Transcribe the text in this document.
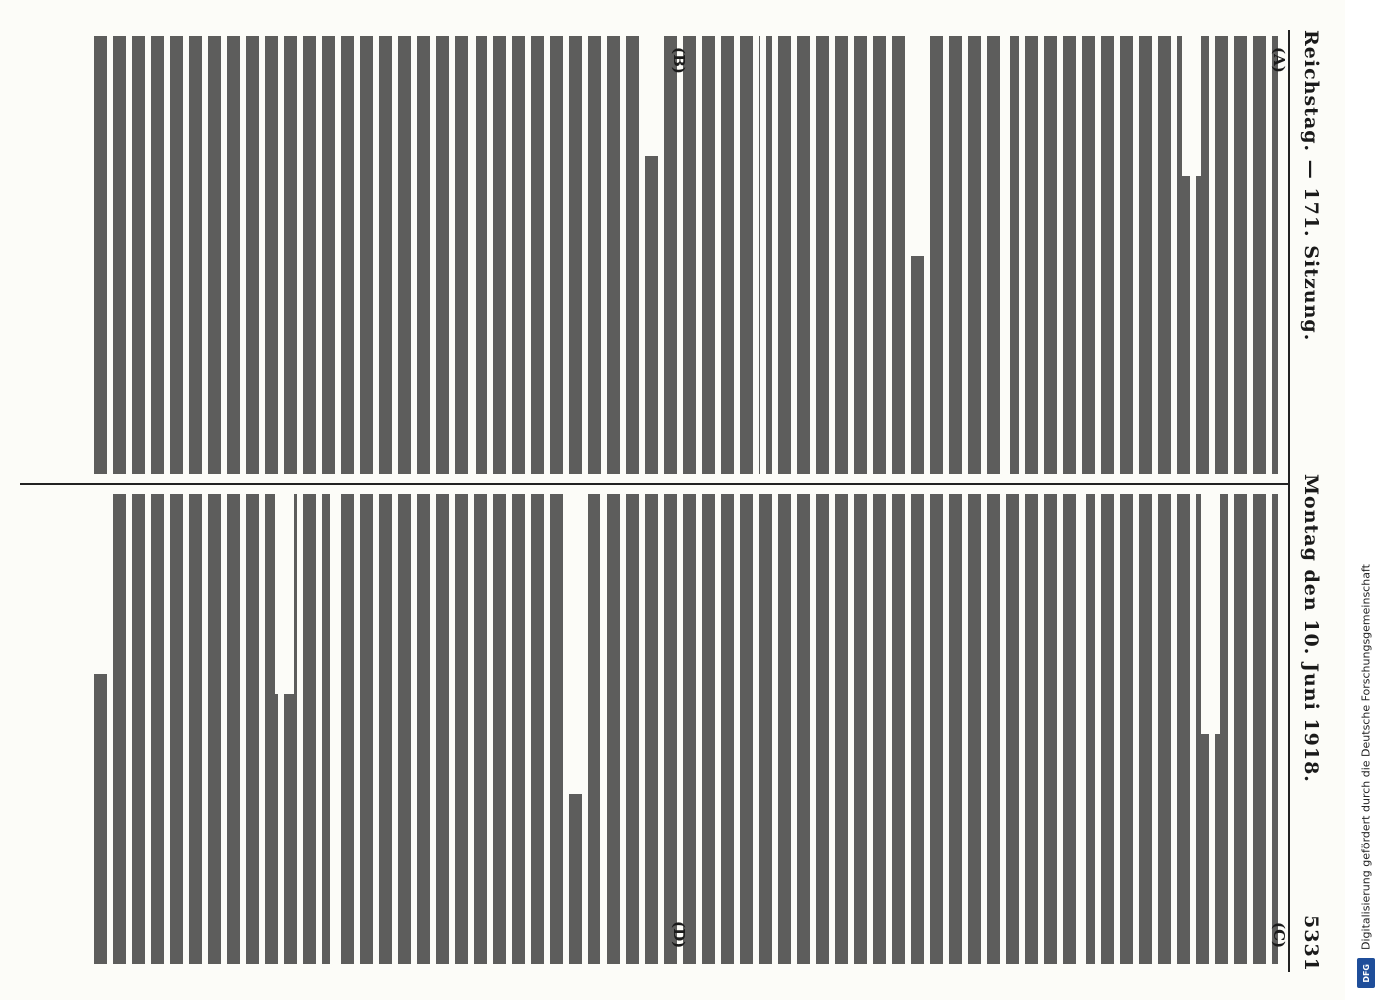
Reichstag. — 171. Sitzung.
Montag den 10. Juni 1918.
5331
(A)
(B)
(C)
(D)	Digitalisierung gefördert durch die Deutsche Forschungsgemeinschaft
DFG
